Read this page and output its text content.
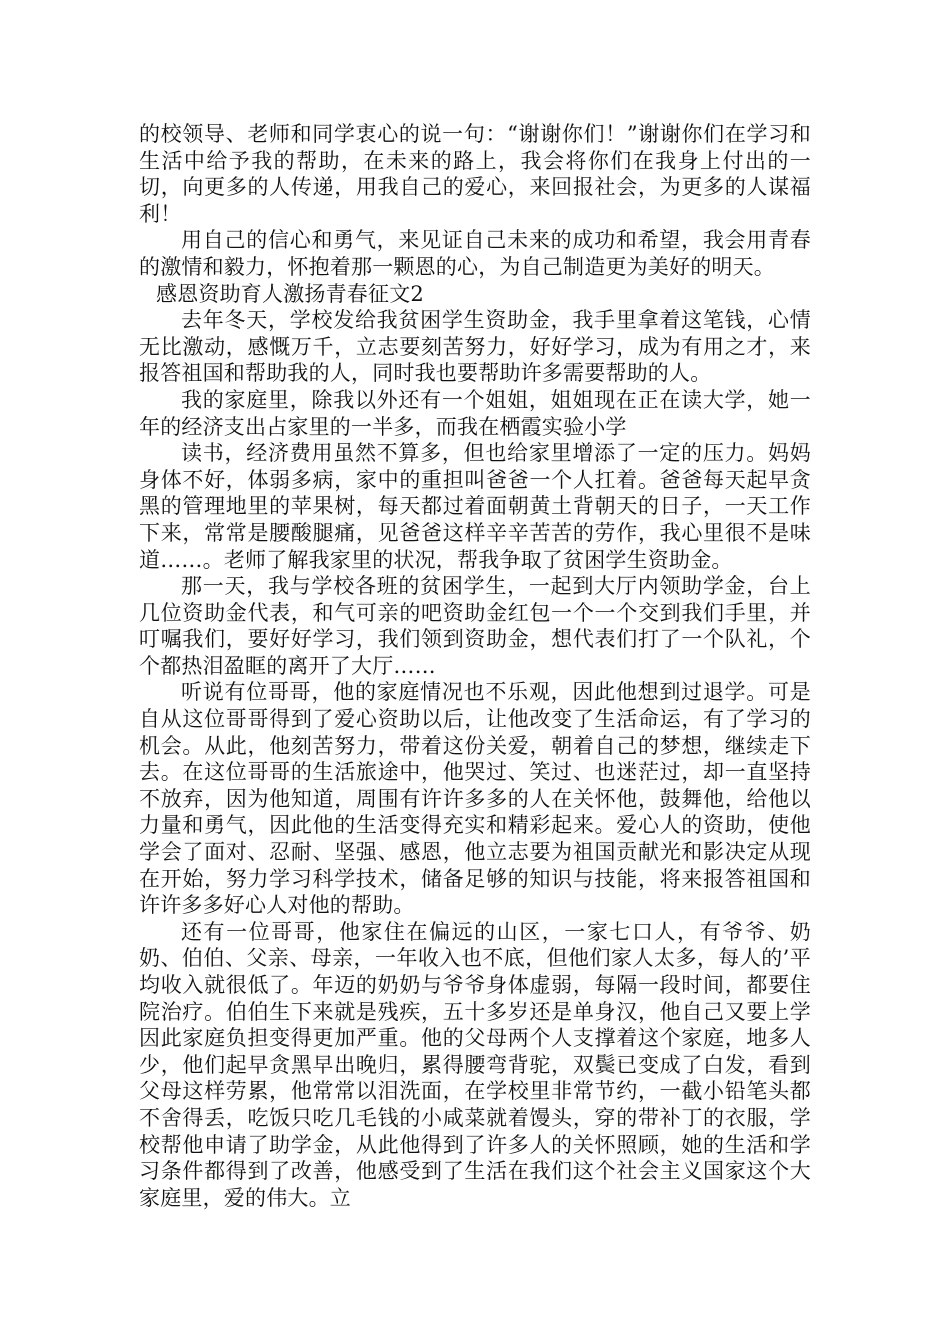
的校领导、老师和同学衷心的说一句：“谢谢你们！”谢谢你们在学习和生活中给予我的帮助，在未来的路上，我会将你们在我身上付出的一切，向更多的人传递，用我自己的爱心，来回报社会，为更多的人谋福利！

用自己的信心和勇气，来见证自己未来的成功和希望，我会用青春的激情和毅力，怀抱着那一颗恩的心，为自己制造更为美好的明天。

感恩资助育人激扬青春征文2

去年冬天，学校发给我贫困学生资助金，我手里拿着这笔钱，心情无比激动，感慨万千，立志要刻苦努力，好好学习，成为有用之才，来报答祖国和帮助我的人，同时我也要帮助许多需要帮助的人。

我的家庭里，除我以外还有一个姐姐，姐姐现在正在读大学，她一年的经济支出占家里的一半多，而我在栖霞实验小学

读书，经济费用虽然不算多，但也给家里增添了一定的压力。妈妈身体不好，体弱多病，家中的重担叫爸爸一个人扛着。爸爸每天起早贪黑的管理地里的苹果树，每天都过着面朝黄土背朝天的日子，一天工作下来，常常是腰酸腿痛，见爸爸这样辛辛苦苦的劳作，我心里很不是味道……。老师了解我家里的状况，帮我争取了贫困学生资助金。

那一天，我与学校各班的贫困学生，一起到大厅内领助学金，台上几位资助金代表，和气可亲的吧资助金红包一个一个交到我们手里，并叮嘱我们，要好好学习，我们领到资助金，想代表们打了一个队礼，个个都热泪盈眶的离开了大厅……

听说有位哥哥，他的家庭情况也不乐观，因此他想到过退学。可是自从这位哥哥得到了爱心资助以后，让他改变了生活命运，有了学习的机会。从此，他刻苦努力，带着这份关爱，朝着自己的梦想，继续走下去。在这位哥哥的生活旅途中，他哭过、笑过、也迷茫过，却一直坚持不放弃，因为他知道，周围有许许多多的人在关怀他，鼓舞他，给他以力量和勇气，因此他的生活变得充实和精彩起来。爱心人的资助，使他学会了面对、忍耐、坚强、感恩，他立志要为祖国贡献光和影决定从现在开始，努力学习科学技术，储备足够的知识与技能，将来报答祖国和许许多多好心人对他的帮助。

还有一位哥哥，他家住在偏远的山区，一家七口人，有爷爷、奶奶、伯伯、父亲、母亲，一年收入也不底，但他们家人太多，每人的’平均收入就很低了。年迈的奶奶与爷爷身体虚弱，每隔一段时间，都要住院治疗。伯伯生下来就是残疾，五十多岁还是单身汉，他自己又要上学因此家庭负担变得更加严重。他的父母两个人支撑着这个家庭，地多人少，他们起早贪黑早出晚归，累得腰弯背驼，双鬓已变成了白发，看到父母这样劳累，他常常以泪洗面，在学校里非常节约，一截小铅笔头都不舍得丢，吃饭只吃几毛钱的小咸菜就着馒头，穿的带补丁的衣服，学校帮他申请了助学金，从此他得到了许多人的关怀照顾，她的生活和学习条件都得到了改善，他感受到了生活在我们这个社会主义国家这个大家庭里，爱的伟大。立
